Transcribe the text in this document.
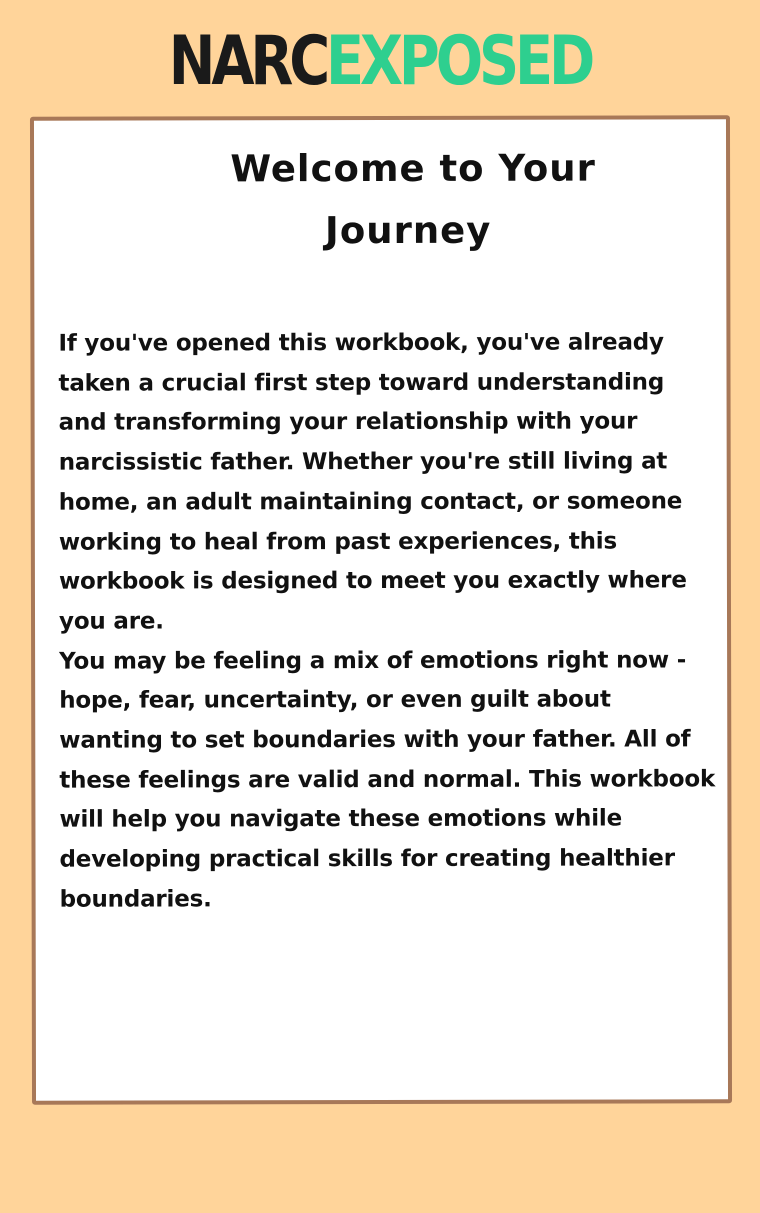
NARCEXPOSED
Welcome to Your
Journey

If you've opened this workbook, you've already taken a crucial first step toward understanding and transforming your relationship with your narcissistic father. Whether you're still living at home, an adult maintaining contact, or someone working to heal from past experiences, this workbook is designed to meet you exactly where you are.

You may be feeling a mix of emotions right now - hope, fear, uncertainty, or even guilt about wanting to set boundaries with your father. All of these feelings are valid and normal. This workbook will help you navigate these emotions while developing practical skills for creating healthier boundaries.
